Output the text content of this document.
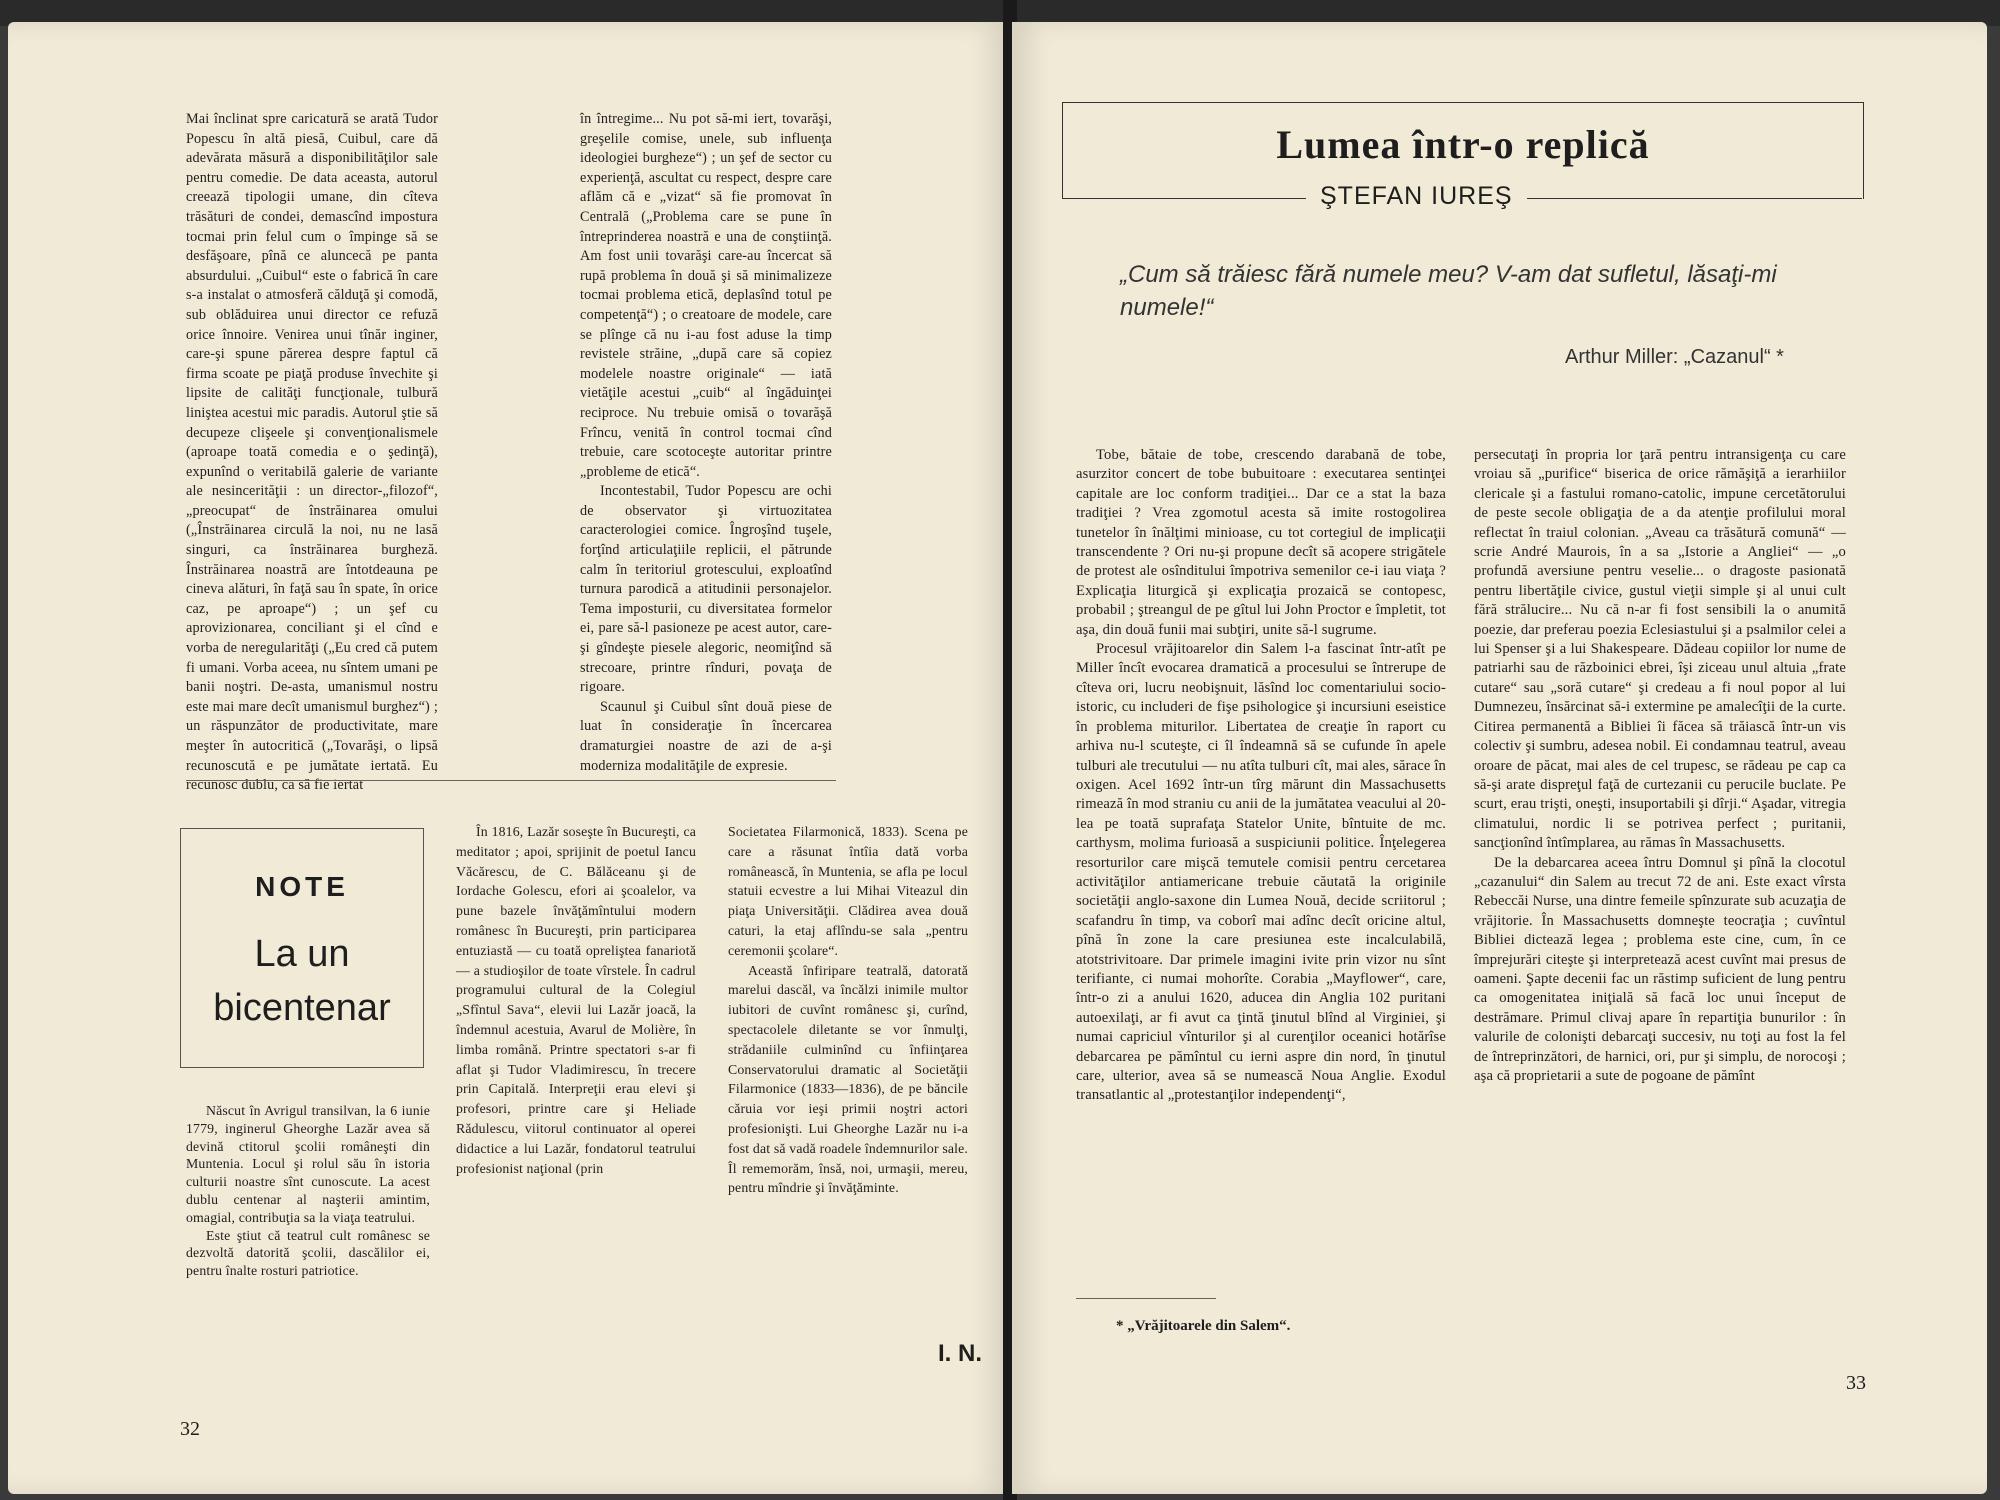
Mai înclinat spre caricatură se arată Tudor Popescu în altă piesă, Cuibul, care dă adevărata măsură a disponibilităţilor sale pentru comedie. De data aceasta, autorul creează tipologii umane, din cîteva trăsături de condei, demascînd impostura tocmai prin felul cum o împinge să se desfăşoare, pînă ce aluncecă pe panta absurdului. „Cuibul“ este o fabrică în care s-a instalat o atmosferă călduţă şi comodă, sub oblăduirea unui director ce refuză orice înnoire. Venirea unui tînăr inginer, care-şi spune părerea despre faptul că firma scoate pe piaţă produse învechite şi lipsite de calităţi funcţionale, tulbură liniştea acestui mic paradis. Autorul ştie să decupeze clişeele şi convenţionalismele (aproape toată comedia e o şedinţă), expunînd o veritabilă galerie de variante ale nesincerităţii : un director-„filozof“, „preocupat“ de înstrăinarea omului („Înstrăinarea circulă la noi, nu ne lasă singuri, ca înstrăinarea burgheză. Înstrăinarea noastră are întotdeauna pe cineva alături, în faţă sau în spate, în orice caz, pe aproape“) ; un şef cu aprovizionarea, conciliant şi el cînd e vorba de neregularităţi („Eu cred că putem fi umani. Vorba aceea, nu sîntem umani pe banii noştri. De-asta, umanismul nostru este mai mare decît umanismul burghez“) ; un răspunzător de productivitate, mare meşter în autocritică („Tovarăşi, o lipsă recunoscută e pe jumătate iertată. Eu recunosc dublu, ca să fie iertat

în întregime... Nu pot să-mi iert, tovarăşi, greşelile comise, unele, sub influenţa ideologiei burgheze“) ; un şef de sector cu experienţă, ascultat cu respect, despre care aflăm că e „vizat“ să fie promovat în Centrală („Problema care se pune în întreprinderea noastră e una de conştiinţă. Am fost unii tovarăşi care-au încercat să rupă problema în două şi să minimalizeze tocmai problema etică, deplasînd totul pe competenţă“) ; o creatoare de modele, care se plînge că nu i-au fost aduse la timp revistele străine, „după care să copiez modelele noastre originale“ — iată vietăţile acestui „cuib“ al îngăduinţei reciproce. Nu trebuie omisă o tovarăşă Frîncu, venită în control tocmai cînd trebuie, care scotoceşte autoritar printre „probleme de etică“.

Incontestabil, Tudor Popescu are ochi de observator şi virtuozitatea caracterologiei comice. Îngroşînd tuşele, forţînd articulaţiile replicii, el pătrunde calm în teritoriul grotescului, exploatînd turnura parodică a atitudinii personajelor. Tema imposturii, cu diversitatea formelor ei, pare să-l pasioneze pe acest autor, care-şi gîndeşte piesele alegoric, neomiţînd să strecoare, printre rînduri, povaţa de rigoare.

Scaunul şi Cuibul sînt două piese de luat în consideraţie în încercarea dramaturgiei noastre de azi de a-şi moderniza modalităţile de expresie.

NOTE
La un bicentenar

Născut în Avrigul transilvan, la 6 iunie 1779, inginerul Gheorghe Lazăr avea să devină ctitorul şcolii româneşti din Muntenia. Locul şi rolul său în istoria culturii noastre sînt cunoscute. La acest dublu centenar al naşterii amintim, omagial, contribuţia sa la viaţa teatrului.

Este ştiut că teatrul cult românesc se dezvoltă datorită şcolii, dascălilor ei, pentru înalte rosturi patriotice.

În 1816, Lazăr soseşte în Bucureşti, ca meditator ; apoi, sprijinit de poetul Iancu Văcărescu, de C. Bălăceanu şi de Iordache Golescu, efori ai şcoalelor, va pune bazele învăţămîntului modern românesc în Bucureşti, prin participarea entuziastă — cu toată opreliştea fanariotă — a studioşilor de toate vîrstele. În cadrul programului cultural de la Colegiul „Sfîntul Sava“, elevii lui Lazăr joacă, la îndemnul acestuia, Avarul de Molière, în limba română. Printre spectatori s-ar fi aflat şi Tudor Vladimirescu, în trecere prin Capitală. Interpreţii erau elevi şi profesori, printre care şi Heliade Rădulescu, viitorul continuator al operei didactice a lui Lazăr, fondatorul teatrului profesionist naţional (prin

Societatea Filarmonică, 1833). Scena pe care a răsunat întîia dată vorba românească, în Muntenia, se afla pe locul statuii ecvestre a lui Mihai Viteazul din piaţa Universităţii. Clădirea avea două caturi, la etaj aflîndu-se sala „pentru ceremonii şcolare“.

Această înfiripare teatrală, datorată marelui dascăl, va încălzi inimile multor iubitori de cuvînt românesc şi, curînd, spectacolele diletante se vor înmulţi, strădaniile culminînd cu înfiinţarea Conservatorului dramatic al Societăţii Filarmonice (1833—1836), de pe băncile căruia vor ieşi primii noştri actori profesionişti. Lui Gheorghe Lazăr nu i-a fost dat să vadă roadele îndemnurilor sale. Îl rememorăm, însă, noi, urmaşii, mereu, pentru mîndrie şi învăţăminte.

I. N.
32
Lumea într-o replică
ŞTEFAN IUREŞ
„Cum să trăiesc fără numele meu? V-am dat sufletul, lăsaţi-mi numele!“
Arthur Miller: „Cazanul“ *

Tobe, bătaie de tobe, crescendo darabană de tobe, asurzitor concert de tobe bubuitoare : executarea sentinţei capitale are loc conform tradiţiei... Dar ce a stat la baza tradiţiei ? Vrea zgomotul acesta să imite rostogolirea tunetelor în înălţimi minioase, cu tot cortegiul de implicaţii transcendente ? Ori nu-şi propune decît să acopere strigătele de protest ale osînditului împotriva semenilor ce-i iau viaţa ? Explicaţia liturgică şi explicaţia prozaică se contopesc, probabil ; ştreangul de pe gîtul lui John Proctor e împletit, tot aşa, din două funii mai subţiri, unite să-l sugrume.

Procesul vrăjitoarelor din Salem l-a fascinat într-atît pe Miller încît evocarea dramatică a procesului se întrerupe de cîteva ori, lucru neobişnuit, lăsînd loc comentariului socio-istoric, cu includeri de fişe psihologice şi incursiuni eseistice în problema miturilor. Libertatea de creaţie în raport cu arhiva nu-l scuteşte, ci îl îndeamnă să se cufunde în apele tulburi ale trecutului — nu atîta tulburi cît, mai ales, sărace în oxigen. Acel 1692 într-un tîrg mărunt din Massachusetts rimează în mod straniu cu anii de la jumătatea veacului al 20-lea pe toată suprafaţa Statelor Unite, bîntuite de mc. carthysm, molima furioasă a suspiciunii politice. Înţelegerea resorturilor care mişcă temutele comisii pentru cercetarea activităţilor antiamericane trebuie căutată la originile societăţii anglo-saxone din Lumea Nouă, decide scriitorul ; scafandru în timp, va coborî mai adînc decît oricine altul, pînă în zone la care presiunea este incalculabilă, atotstrivitoare. Dar primele imagini ivite prin vizor nu sînt terifiante, ci numai mohorîte. Corabia „Mayflower“, care, într-o zi a anului 1620, aducea din Anglia 102 puritani autoexilaţi, ar fi avut ca ţintă ţinutul blînd al Virginiei, şi numai capriciul vînturilor şi al curenţilor oceanici hotărîse debarcarea pe pămîntul cu ierni aspre din nord, în ţinutul care, ulterior, avea să se numească Noua Anglie. Exodul transatlantic al „protestanţilor independenţi“,

persecutaţi în propria lor ţară pentru intransigenţa cu care vroiau să „purifice“ biserica de orice rămăşiţă a ierarhiilor clericale şi a fastului romano-catolic, impune cercetătorului de peste secole obligaţia de a da atenţie profilului moral reflectat în traiul colonian. „Aveau ca trăsătură comună“ — scrie André Maurois, în a sa „Istorie a Angliei“ — „o profundă aversiune pentru veselie... o dragoste pasionată pentru libertăţile civice, gustul vieţii simple şi al unui cult fără strălucire... Nu că n-ar fi fost sensibili la o anumită poezie, dar preferau poezia Eclesiastului şi a psalmilor celei a lui Spenser şi a lui Shakespeare. Dădeau copiilor lor nume de patriarhi sau de războinici ebrei, îşi ziceau unul altuia „frate cutare“ sau „soră cutare“ şi credeau a fi noul popor al lui Dumnezeu, însărcinat să-i extermine pe amalecîţii de la curte. Citirea permanentă a Bibliei îi făcea să trăiască într-un vis colectiv şi sumbru, adesea nobil. Ei condamnau teatrul, aveau oroare de păcat, mai ales de cel trupesc, se rădeau pe cap ca să-şi arate dispreţul faţă de curtezanii cu perucile buclate. Pe scurt, erau trişti, oneşti, insuportabili şi dîrji.“ Aşadar, vitregia climatului, nordic li se potrivea perfect ; puritanii, sancţionînd întîmplarea, au rămas în Massachusetts.

De la debarcarea aceea întru Domnul şi pînă la clocotul „cazanului“ din Salem au trecut 72 de ani. Este exact vîrsta Rebeccăi Nurse, una dintre femeile spînzurate sub acuzaţia de vrăjitorie. În Massachusetts domneşte teocraţia ; cuvîntul Bibliei dictează legea ; problema este cine, cum, în ce împrejurări citeşte şi interpretează acest cuvînt mai presus de oameni. Şapte decenii fac un răstimp suficient de lung pentru ca omogenitatea iniţială să facă loc unui început de destrămare. Primul clivaj apare în repartiţia bunurilor : în valurile de colonişti debarcaţi succesiv, nu toţi au fost la fel de întreprinzători, de harnici, ori, pur şi simplu, de norocoşi ; aşa că proprietarii a sute de pogoane de pămînt

* „Vrăjitoarele din Salem“.
33
